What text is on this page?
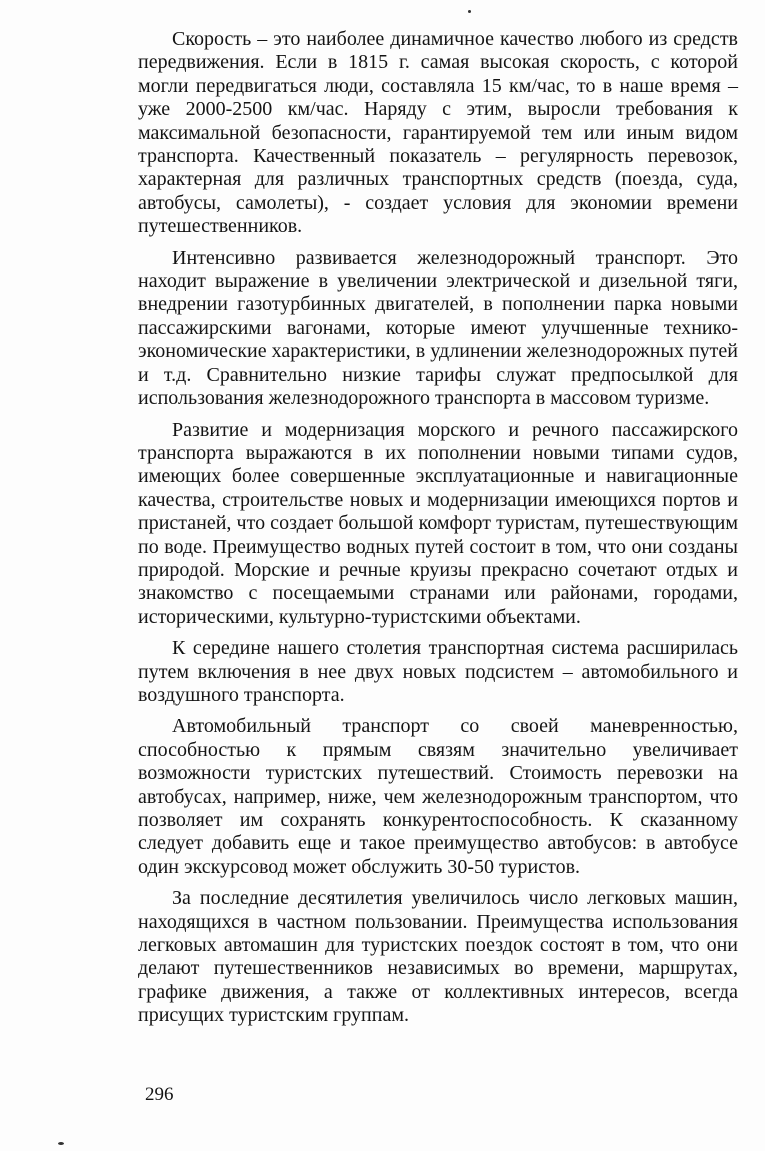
Скорость – это наиболее динамичное качество любого из средств передвижения. Если в 1815 г. самая высокая скорость, с которой могли передвигаться люди, составляла 15 км/час, то в наше время – уже 2000-2500 км/час. Наряду с этим, выросли требования к максимальной безопасности, гарантируемой тем или иным видом транспорта. Качественный показатель – регулярность перевозок, характерная для различных транспортных средств (поезда, суда, автобусы, самолеты), - создает условия для экономии времени путешественников.

Интенсивно развивается железнодорожный транспорт. Это находит выражение в увеличении электрической и дизельной тяги, внедрении газотурбинных двигателей, в пополнении парка новыми пассажирскими вагонами, которые имеют улучшенные технико-экономические характеристики, в удлинении железнодорожных путей и т.д. Сравнительно низкие тарифы служат предпосылкой для использования железнодорожного транспорта в массовом туризме.

Развитие и модернизация морского и речного пассажирского транспорта выражаются в их пополнении новыми типами судов, имеющих более совершенные эксплуатационные и навигационные качества, строительстве новых и модернизации имеющихся портов и пристаней, что создает большой комфорт туристам, путешествующим по воде. Преимущество водных путей состоит в том, что они созданы природой. Морские и речные круизы прекрасно сочетают отдых и знакомство с посещаемыми странами или районами, городами, историческими, культурно-туристскими объектами.

К середине нашего столетия транспортная система расширилась путем включения в нее двух новых подсистем – автомобильного и воздушного транспорта.

Автомобильный транспорт со своей маневренностью, способностью к прямым связям значительно увеличивает возможности туристских путешествий. Стоимость перевозки на автобусах, например, ниже, чем железнодорожным транспортом, что позволяет им сохранять конкурентоспособность. К сказанному следует добавить еще и такое преимущество автобусов: в автобусе один экскурсовод может обслужить 30-50 туристов.

За последние десятилетия увеличилось число легковых машин, находящихся в частном пользовании. Преимущества использования легковых автомашин для туристских поездок состоят в том, что они делают путешественников независимых во времени, маршрутах, графике движения, а также от коллективных интересов, всегда присущих туристским группам.

296
